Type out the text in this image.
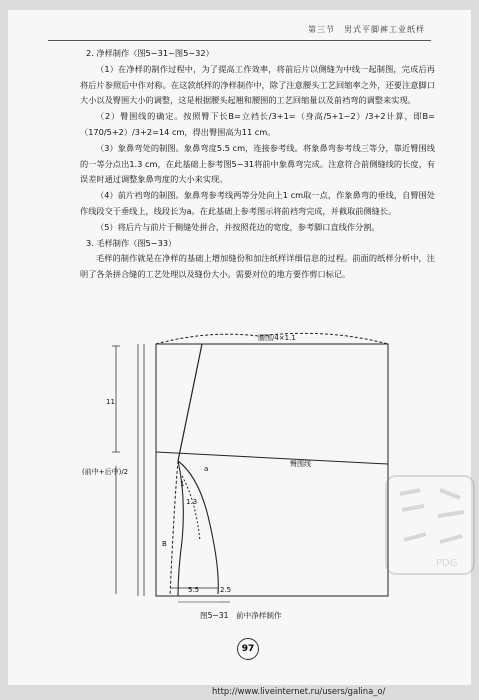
第三节　男式平脚裤工业纸样

2. 净样制作（图5−31~图5−32）

（1）在净样的制作过程中，为了提高工作效率，将前后片以侧缝为中线一起制图，完成后再将后片参照后中作对称。在这款纸样的净样制作中，除了注意腰头工艺回缩率之外，还要注意脚口大小以及臀围大小的调整，这是根据腰头起翘和腰围的工艺回缩量以及前裆弯的调整来实现。

（2）臀围线的确定。按照臀下长B=立裆长/3+1=（身高/5+1~2）/3+2计算，即B=（170/5+2）/3+2=14 cm，得出臀围高为11 cm。

（3）象鼻弯处的制图。象鼻弯度5.5 cm，连接参考线。将象鼻弯参考线三等分，靠近臀围线的一等分点出1.3 cm，在此基础上参考图5−31将前中象鼻弯完成。注意符合前侧缝线的长度，有误差时通过调整象鼻弯度的大小来实现。

（4）前片裆弯的制图。象鼻弯参考线两等分处向上1 cm取一点，作象鼻弯的垂线，自臀围处作线段交于垂线上，线段长为a。在此基础上参考图示将前裆弯完成，并截取前侧缝长。

（5）将后片与前片于侧缝处拼合，并按照花边的宽度，参考脚口直线作分割。

3. 毛样制作（图5−33）

毛样的制作就是在净样的基础上增加缝份和加注纸样详细信息的过程。前面的纸样分析中，注明了各条拼合缝的工艺处理以及缝份大小。需要对位的地方要作剪口标记。

腰围/4×1.1
臀围线
11
(前中+后中)/2	a
1
1.3
B
5.5	2.5
图5−31　前中净样制作
PDG
97
http://www.liveinternet.ru/users/galina_o/
